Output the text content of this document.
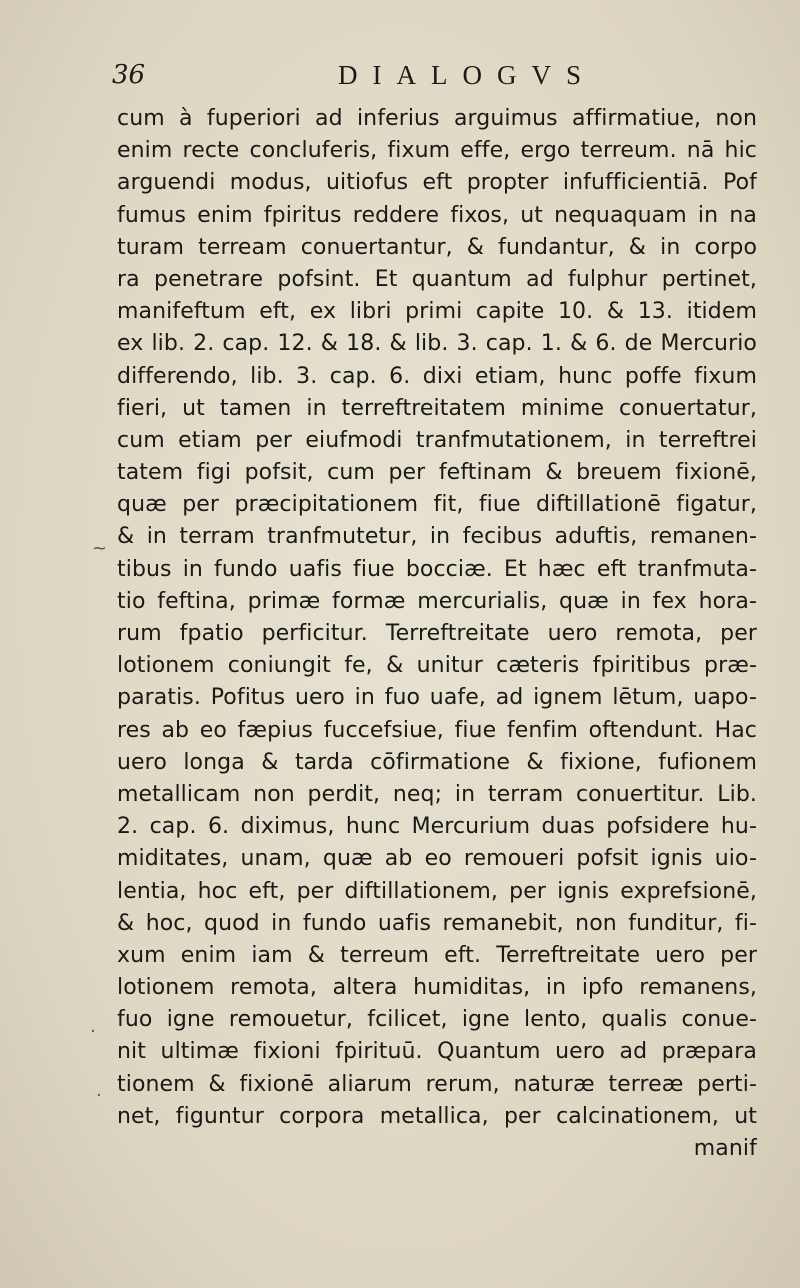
36	DIALOGVS
cum à fuperiori ad inferius arguimus affirmatiue, non
enim recte concluferis, fixum effe, ergo terreum. nā hic
arguendi modus, uitiofus eft propter infufficientiā. Pof
fumus enim fpiritus reddere fixos, ut nequaquam in na
turam terream conuertantur, & fundantur, & in corpo
ra penetrare pofsint. Et quantum ad fulphur pertinet,
manifeftum eft, ex libri primi capite 10. & 13. itidem
ex lib. 2. cap. 12. & 18. & lib. 3. cap. 1. & 6. de Mercurio
differendo, lib. 3. cap. 6. dixi etiam, hunc poffe fixum
fieri, ut tamen in terreftreitatem minime conuertatur,
cum etiam per eiufmodi tranfmutationem, in terreftrei
tatem figi pofsit, cum per feftinam & breuem fixionē,
quæ per præcipitationem fit, fiue diftillationē figatur,
& in terram tranfmutetur, in fecibus aduftis, remanen-
tibus in fundo uafis fiue bocciæ. Et hæc eft tranfmuta-
tio feftina, primæ formæ mercurialis, quæ in fex hora-
rum fpatio perficitur. Terreftreitate uero remota, per
lotionem coniungit fe, & unitur cæteris fpiritibus præ-
paratis. Pofitus uero in fuo uafe, ad ignem lētum, uapo-
res ab eo fæpius fuccefsiue, fiue fenfim oftendunt. Hac
uero longa & tarda cōfirmatione & fixione, fufionem
metallicam non perdit, neq; in terram conuertitur. Lib.
2. cap. 6. diximus, hunc Mercurium duas pofsidere hu-
miditates, unam, quæ ab eo remoueri pofsit ignis uio-
lentia, hoc eft, per diftillationem, per ignis exprefsionē,
& hoc, quod in fundo uafis remanebit, non funditur, fi-
xum enim iam & terreum eft. Terreftreitate uero per
lotionem remota, altera humiditas, in ipfo remanens,
fuo igne remouetur, fcilicet, igne lento, qualis conue-
nit ultimæ fixioni fpirituū. Quantum uero ad præpara
tionem & fixionē aliarum rerum, naturæ terreæ perti-
net, figuntur corpora metallica, per calcinationem, ut
manif
~
.
.
